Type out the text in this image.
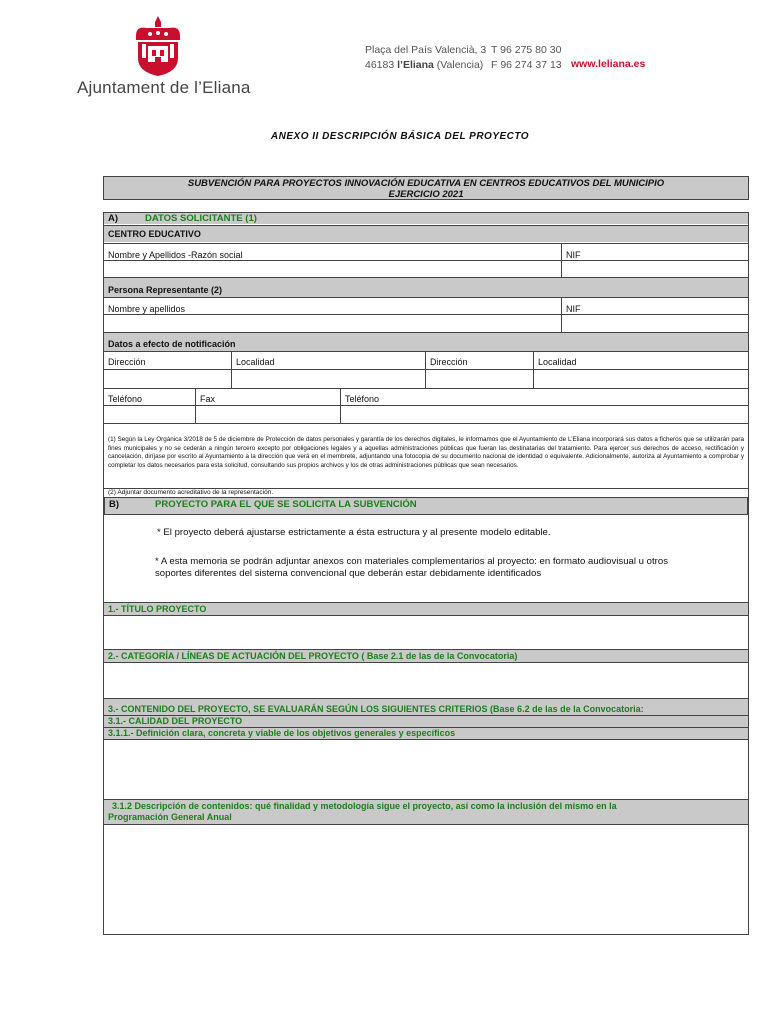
Ajuntament de l’Eliana
Plaça del País Valencià, 3
46183 l’Eliana (Valencia)
T 96 275 80 30
F 96 274 37 13 www.leliana.es
ANEXO II DESCRIPCIÓN BÁSICA DEL PROYECTO
SUBVENCIÓN PARA PROYECTOS INNOVACIÓN EDUCATIVA EN CENTROS EDUCATIVOS DEL MUNICIPIO
EJERCICIO 2021
A)	DATOS SOLICITANTE (1)
CENTRO EDUCATIVO
Nombre y Apellidos -Razón social	NIF
Persona Representante (2)
Nombre y apellidos	NIF
Datos a efecto de notificación
Dirección	Localidad	Dirección	Localidad
Teléfono	Fax	Teléfono
(1) Según la Ley Orgánica 3/2018 de 5 de diciembre de Protección de datos personales y garantía de los derechos digitales, le informamos que el Ayuntamiento de L’Eliana incorporará sus datos a ficheros que se utilizarán para fines municipales y no se cederán a ningún tercero excepto por obligaciones legales y a aquellas administraciones públicas que fueran las destinatarias del tratamiento. Para ejercer sus derechos de acceso, rectificación y cancelación, diríjase por escrito al Ayuntamiento a la dirección que verá en el membrete, adjuntando una fotocopia de su documento nacional de identidad o equivalente. Adicionalmente, autoriza al Ayuntamiento a comprobar y completar los datos necesarios para esta solicitud, consultando sus propios archivos y los de otras administraciones públicas que sean necesarios.
(2) Adjuntar documento acreditativo de la representación.
B)	PROYECTO PARA EL QUE SE SOLICITA LA SUBVENCIÓN
* El proyecto deberá ajustarse estrictamente a ésta estructura y al presente modelo editable.
* A esta memoria se podrán adjuntar anexos con materiales complementarios al proyecto: en formato audiovisual u otros
soportes diferentes del sistema convencional que deberán estar debidamente identificados
1.- TÍTULO PROYECTO
2.- CATEGORÍA / LÍNEAS DE ACTUACIÓN DEL PROYECTO ( Base 2.1 de las de la Convocatoria)
3.- CONTENIDO DEL PROYECTO, SE EVALUARÁN SEGÚN LOS SIGUIENTES CRITERIOS (Base 6.2 de las de la Convocatoria:
3.1.- CALIDAD DEL PROYECTO
3.1.1.- Definición clara, concreta y viable de los objetivos generales y específicos
3.1.2 Descripción de contenidos: qué finalidad y metodología sigue el proyecto, así como la inclusión del mismo en la
Programación General Anual
